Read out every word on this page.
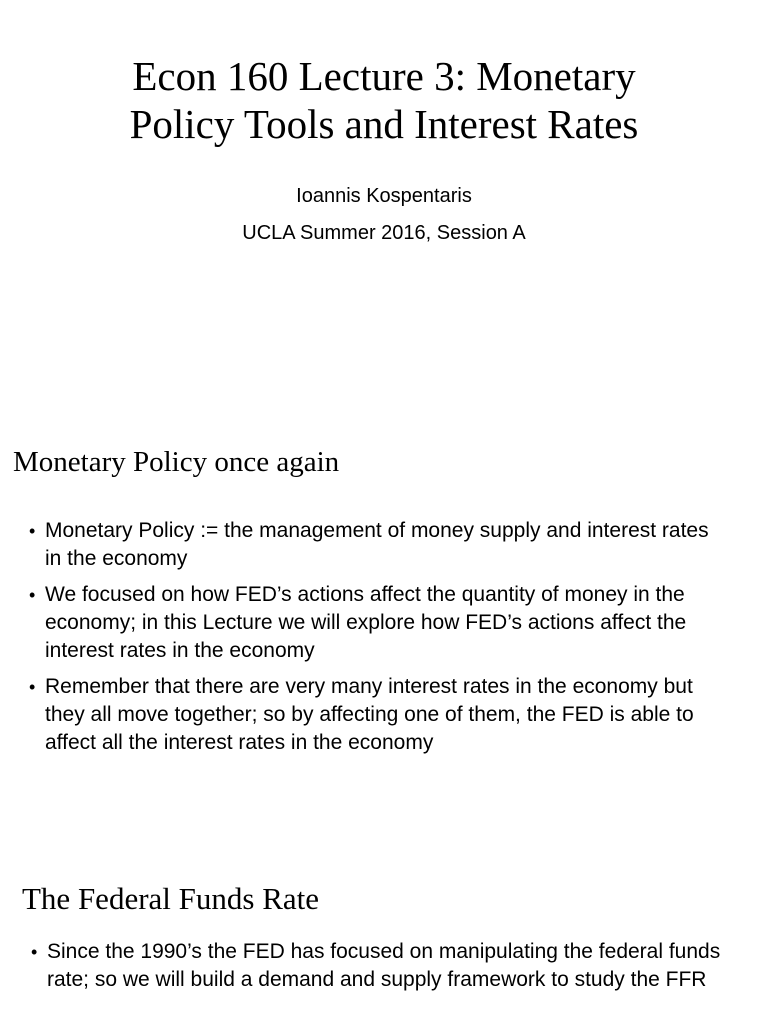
Econ 160 Lecture 3: Monetary
Policy Tools and Interest Rates
Ioannis Kospentaris
UCLA Summer 2016, Session A
Monetary Policy once again
• Monetary Policy := the management of money supply and interest rates in the economy
• We focused on how FED’s actions affect the quantity of money in the economy; in this Lecture we will explore how FED’s actions affect the interest rates in the economy
• Remember that there are very many interest rates in the economy but they all move together; so by affecting one of them, the FED is able to affect all the interest rates in the economy
The Federal Funds Rate
• Since the 1990’s the FED has focused on manipulating the federal funds rate; so we will build a demand and supply framework to study the FFR
